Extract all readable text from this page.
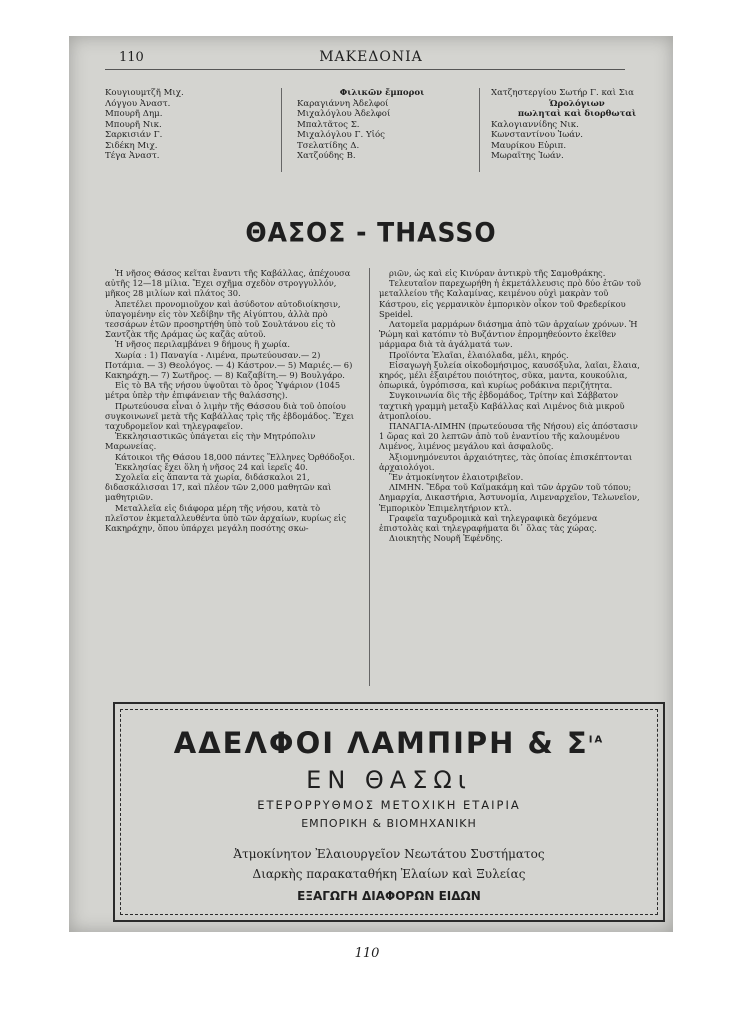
110	ΜΑΚΕΔΟΝΙΑ
Κουγιουμτζῆ Μιχ.
Λόγγου Ἀναστ.
Μπουρῆ Δημ.
Μπουρῆ Νικ.
Σαρκισιάν Γ.
Σιδέκη Μιχ.
Τέγα Ἀναστ.
Φιλικῶν ἔμποροι
Καραγιάννη Ἀδελφοί
Μιχαλόγλου Ἀδελφοί
Μπαλτᾶτος Σ.
Μιχαλόγλου Γ. Υἱός
Τσελατίδης Δ.
Χατζούδης Β.
Χατζηστεργίου Σωτήρ Γ. καὶ Σια
Ὡρολόγιων
πωληταὶ καὶ διορθωταὶ
Καλογιαννίδης Νικ.
Κωνσταντίνου Ἰωάν.
Μαυρίκου Εὐριπ.
Μωραΐτης Ἰωάν.
ΘΑΣΟΣ - THASSO

Ἡ νῆσος Θάσος κεῖται ἔναντι τῆς Καβάλλας, ἀπέχουσα αὐτῆς 12—18 μίλια. Ἔχει σχῆμα σχεδὸν στρογγυλλόν, μῆκος 28 μιλίων καὶ πλάτος 30.

Ἀπετέλει προνομιοῦχον καὶ ἀσύδοτον αὐτοδιοίκησιν, ὑπαγομένην εἰς τὸν Χεδίβην τῆς Αἰγύπτου, ἀλλὰ πρὸ τεσσάρων ἐτῶν προσηρτήθη ὑπὸ τοῦ Σουλτάνου εἰς τὸ Σαντζὰκ τῆς Δράμας ὡς καζᾶς αὐτοῦ.

Ἡ νῆσος περιλαμβάνει 9 δήμους ἢ χωρία.

Χωρία : 1) Παναγία - Λιμένα, πρωτεύουσαν.— 2) Ποτάμια. — 3) Θεολόγος. — 4) Κάστρον.— 5) Μαριές.— 6) Κακηράχη.— 7) Σωτῆρος. — 8) Καζαβίτη.— 9) Βουλγάρο.

Εἰς τὸ ΒΑ τῆς νήσου ὑψοῦται τὸ ὄρος Ὑψάριον (1045 μέτρα ὑπὲρ τὴν ἐπιφάνειαν τῆς θαλάσσης).

Πρωτεύουσα εἶναι ὁ λιμὴν τῆς Θάσσου διὰ τοῦ ὁποίου συγκοινωνεῖ μετὰ τῆς Καβάλλας τρὶς τῆς ἑβδομάδος. Ἔχει ταχυδρομεῖον καὶ τηλεγραφεῖον.

Ἐκκλησιαστικῶς ὑπάγεται εἰς τὴν Μητρόπολιν Μαρωνείας.

Κάτοικοι τῆς Θάσου 18,000 πάντες Ἕλληνες Ὀρθόδοξοι.

Ἐκκλησίας ἔχει ὅλη ἡ νῆσος 24 καὶ ἱερεῖς 40.

Σχολεῖα εἰς ἅπαντα τὰ χωρία, διδάσκαλοι 21, διδασκάλισσαι 17, καὶ πλέον τῶν 2,000 μαθητῶν καὶ μαθητριῶν.

Μεταλλεῖα εἰς διάφορα μέρη τῆς νήσου, κατὰ τὸ πλεῖστον ἐκμεταλλευθέντα ὑπὸ τῶν ἀρχαίων, κυρίως εἰς Κακηράχην, ὅπου ὑπάρχει μεγάλη ποσότης σκω-

ριῶν, ὡς καὶ εἰς Κινύραν ἀντικρὺ τῆς Σαμοθράκης.

Τελευταῖον παρεχωρήθη ἡ ἐκμετάλλευσις πρὸ δύο ἐτῶν τοῦ μεταλλείου τῆς Καλαμίνας, κειμένου οὐχὶ μακρὰν τοῦ Κάστρου, εἰς γερμανικὸν ἐμπορικὸν οἶκον τοῦ Φρεδερίκου Speidel.

Λατομεῖα μαρμάρων διάσημα ἀπὸ τῶν ἀρχαίων χρόνων. Ἡ Ῥώμη καὶ κατόπιν τὸ Βυζάντιον ἐπρομηθεύοντο ἐκεῖθεν μάρμαρα διὰ τὰ ἀγάλματά των.

Προϊόντα Ἐλαῖαι, ἐλαιόλαδα, μέλι, κηρός.

Εἰσαγωγὴ ξυλεία οἰκοδομήσιμος, καυσόξυλα, λαῖαι, ἔλαια, κηρός, μέλι ἐξαιρέτου ποιότητος, σῦκα, μαντα, κουκούλια, ὀπωρικά, ὑγρόπισσα, καὶ κυρίως ροδάκινα περιζήτητα.

Συγκοινωνία δὶς τῆς ἑβδομάδος, Τρίτην καὶ Σάββατον ταχτικὴ γραμμὴ μεταξὺ Καβάλλας καὶ Λιμένος διὰ μικροῦ ἀτμοπλοίου.

ΠΑΝΑΓΙΑ-ΛΙΜΗΝ (πρωτεύουσα τῆς Νήσου) εἰς ἀπόστασιν 1 ὥρας καὶ 20 λεπτῶν ἀπὸ τοῦ ἐναντίου τῆς καλουμένου Λιμένος, λιμένος μεγάλου καὶ ἀσφαλοῦς.

Ἀξιομνημόνευτοι ἀρχαιότητες, τὰς ὁποίας ἐπισκέπτονται ἀρχαιολόγοι.

Ἓν ἀτμοκίνητον ἐλαιοτριβεῖον.

ΛΙΜΗΝ. Ἕδρα τοῦ Καϊμακάμη καὶ τῶν ἀρχῶν τοῦ τόπου; Δημαρχία, Δικαστήρια, Ἀστυνομία, Λιμεναρχεῖον, Τελωνεῖον, Ἐμπορικὸν Ἐπιμελητήριον κτλ.

Γραφεῖα ταχυδρομικὰ καὶ τηλεγραφικὰ δεχόμενα ἐπιστολὰς καὶ τηλεγραφήματα δι᾽ ὅλας τὰς χώρας.

Διοικητὴς Νουρῆ Ἐφένδης.

ΑΔΕΛΦΟΙ ΛΑΜΠΙΡΗ & $\Sigma^{IA}$
ΕΝ ΘΑΣΩι
ΕΤΕΡΟΡΡΥΘΜΟΣ ΜΕΤΟΧΙΚΗ ΕΤΑΙΡΙΑ
ΕΜΠΟΡΙΚΗ & ΒΙΟΜΗΧΑΝΙΚΗ
Ἀτμοκίνητον Ἐλαιουργεῖον Νεωτάτου Συστήματος
Διαρκὴς παρακαταθήκη Ἐλαίων καὶ Ξυλείας
ΕΞΑΓΩΓΗ ΔΙΑΦΟΡΩΝ ΕΙΔΩΝ
110
